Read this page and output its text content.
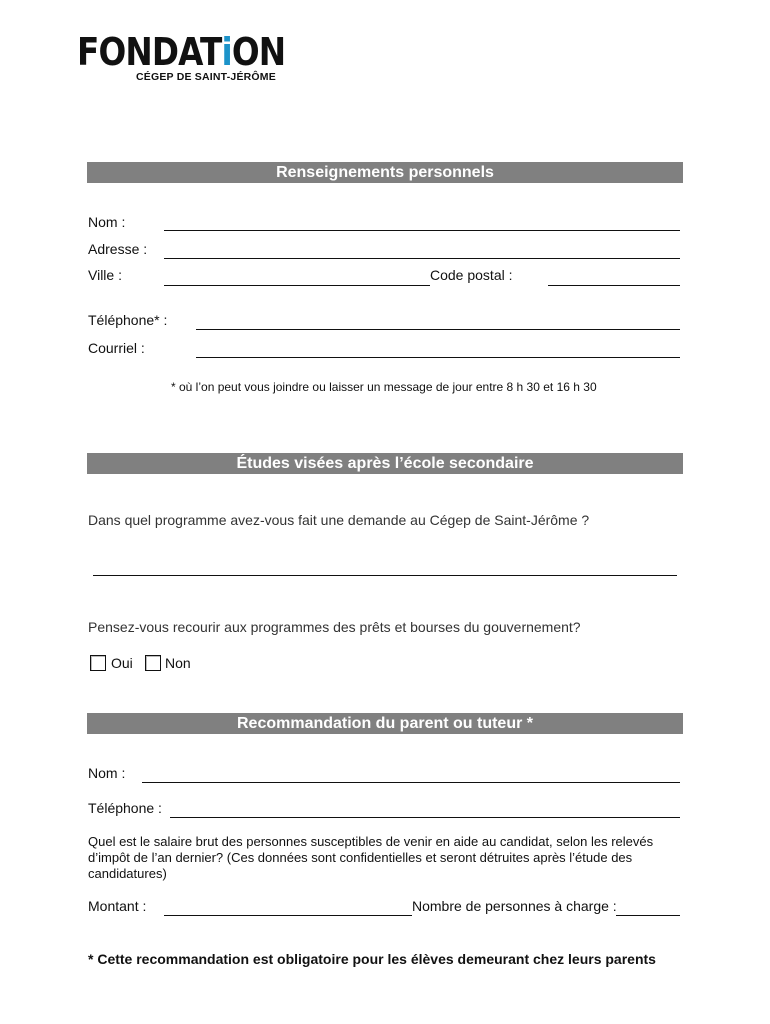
FONDATiON
CÉGEP DE SAINT-JÉRÔME
Renseignements personnels
Nom :
Adresse :
Ville :	Code postal :
Téléphone* :
Courriel :
* où l’on peut vous joindre ou laisser un message de jour entre 8 h 30 et 16 h 30
Études visées après l’école secondaire
Dans quel programme avez-vous fait une demande au Cégep de Saint-Jérôme ?
Pensez-vous recourir aux programmes des prêts et bourses du gouvernement?
Oui Non
Recommandation du parent ou tuteur *
Nom :
Téléphone :
Quel est le salaire brut des personnes susceptibles de venir en aide au candidat, selon les relevés d’impôt de l’an dernier? (Ces données sont confidentielles et seront détruites après l’étude des candidatures)
Montant :	Nombre de personnes à charge :
* Cette recommandation est obligatoire pour les élèves demeurant chez leurs parents
